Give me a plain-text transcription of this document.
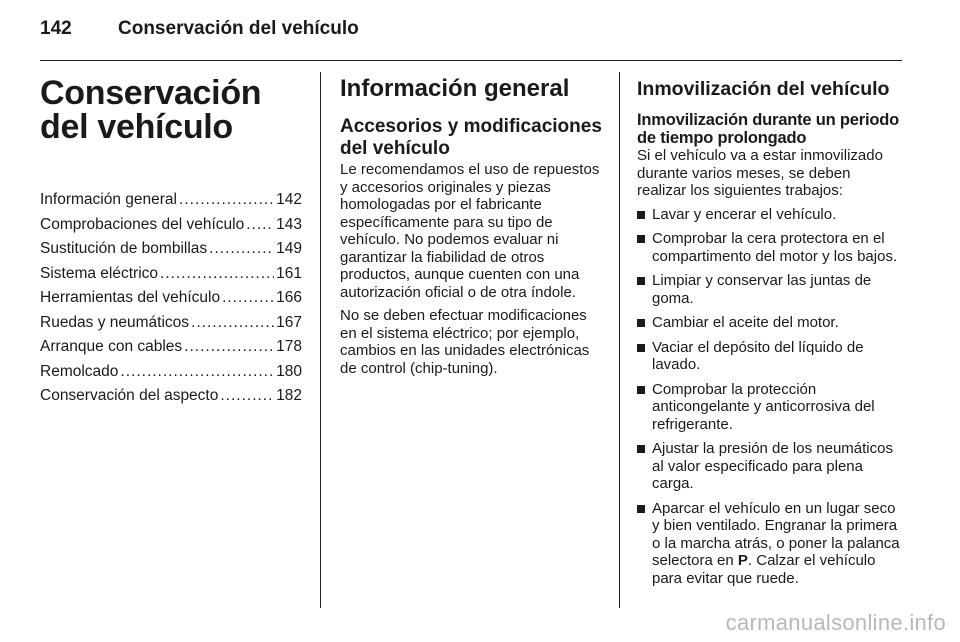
142 Conservación del vehículo
Conservación del vehículo
Información general .....	142
Comprobaciones del vehículo ..... 143
Sustitución de bombillas .....	149
Sistema eléctrico .....	161
Herramientas del vehículo .....	166
Ruedas y neumáticos .....	167
Arranque con cables .....	178
Remolcado .....	180
Conservación del aspecto .....	182
Información general
Accesorios y modificaciones del vehículo

Le recomendamos el uso de repuestos y accesorios originales y piezas homologadas por el fabricante específicamente para su tipo de vehículo. No podemos evaluar ni garantizar la fiabilidad de otros productos, aunque cuenten con una autorización oficial o de otra índole.

No se deben efectuar modificaciones en el sistema eléctrico; por ejemplo, cambios en las unidades electrónicas de control (chip-tuning).

Inmovilización del vehículo
Inmovilización durante un periodo de tiempo prolongado

Si el vehículo va a estar inmovilizado durante varios meses, se deben realizar los siguientes trabajos:

Lavar y encerar el vehículo.
Comprobar la cera protectora en el compartimento del motor y los bajos.
Limpiar y conservar las juntas de goma.
Cambiar el aceite del motor.
Vaciar el depósito del líquido de lavado.
Comprobar la protección anticongelante y anticorrosiva del refrigerante.
Ajustar la presión de los neumáticos al valor especificado para plena carga.
Aparcar el vehículo en un lugar seco y bien ventilado. Engranar la primera o la marcha atrás, o poner la palanca selectora en P. Calzar el vehículo para evitar que ruede.
carmanualsonline.info
